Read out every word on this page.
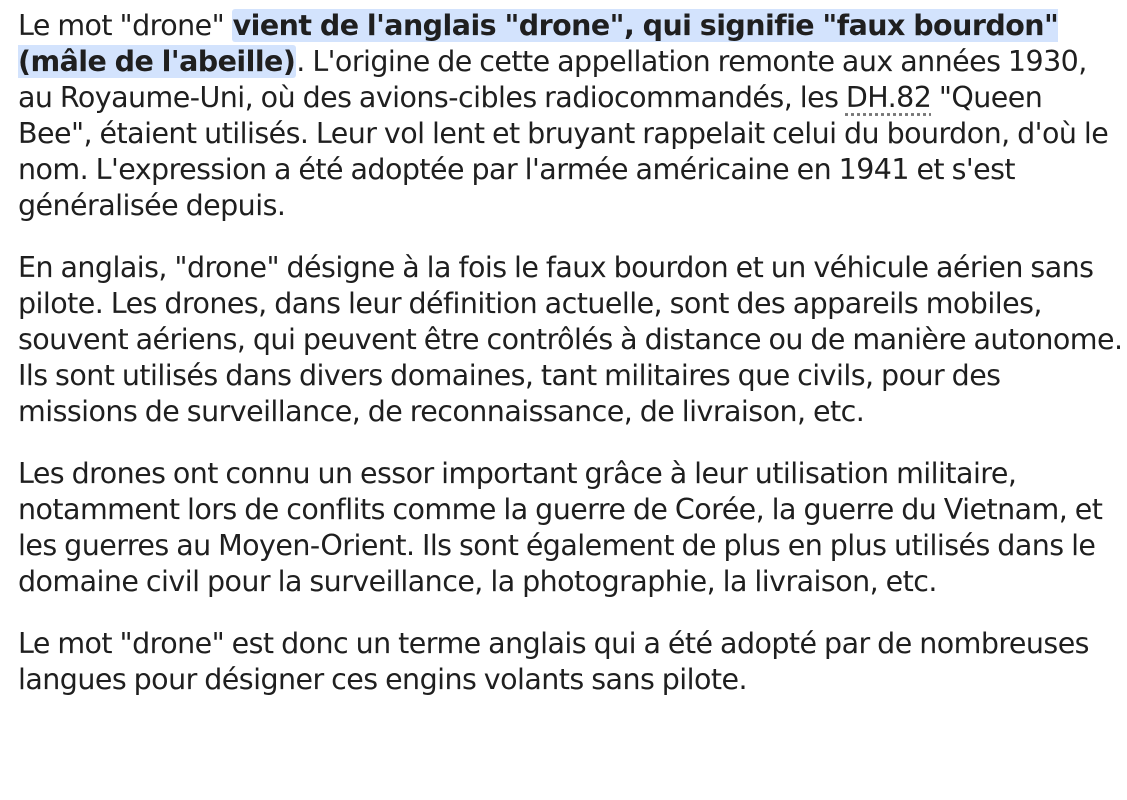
Le mot "drone" vient de l'anglais "drone", qui signifie "faux bourdon" (mâle de l'abeille). L'origine de cette appellation remonte aux années 1930, au Royaume-Uni, où des avions-cibles radiocommandés, les DH.82 "Queen Bee", étaient utilisés. Leur vol lent et bruyant rappelait celui du bourdon, d'où le nom. L'expression a été adoptée par l'armée américaine en 1941 et s'est généralisée depuis.

En anglais, "drone" désigne à la fois le faux bourdon et un véhicule aérien sans pilote. Les drones, dans leur définition actuelle, sont des appareils mobiles, souvent aériens, qui peuvent être contrôlés à distance ou de manière autonome. Ils sont utilisés dans divers domaines, tant militaires que civils, pour des missions de surveillance, de reconnaissance, de livraison, etc.

Les drones ont connu un essor important grâce à leur utilisation militaire, notamment lors de conflits comme la guerre de Corée, la guerre du Vietnam, et les guerres au Moyen-Orient. Ils sont également de plus en plus utilisés dans le domaine civil pour la surveillance, la photographie, la livraison, etc.

Le mot "drone" est donc un terme anglais qui a été adopté par de nombreuses langues pour désigner ces engins volants sans pilote.
